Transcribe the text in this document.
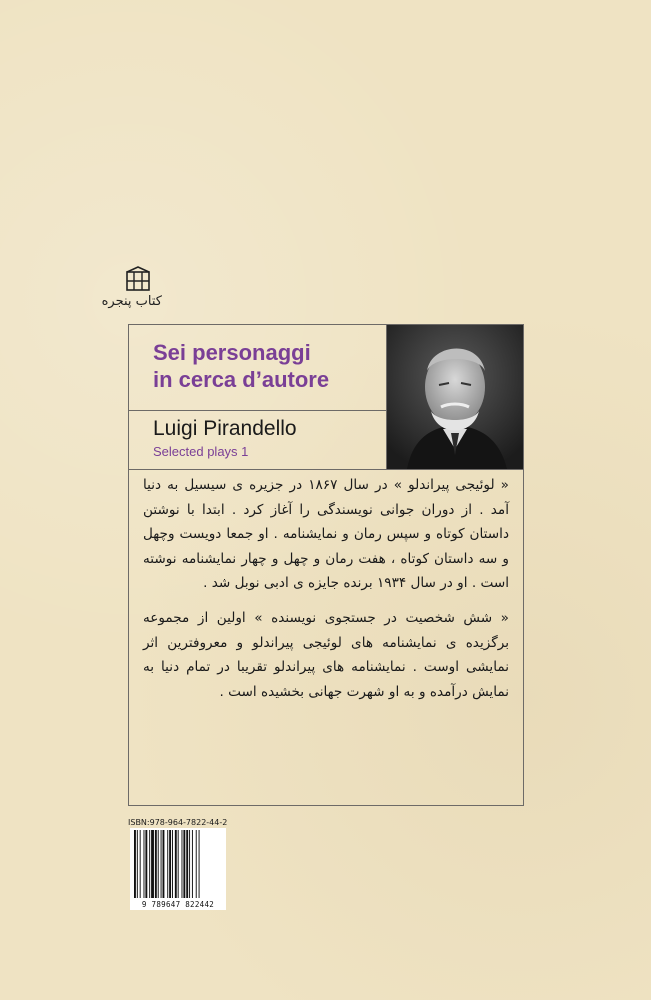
کتاب پنجره
Sei personaggi
in cerca d’autore
Luigi Pirandello
Selected plays 1

« لوئیجی پیراندلو » در سال ۱۸۶۷ در جزیره ی سیسیل به دنیا آمد . از دوران جوانی نویسندگی را آغاز کرد . ابتدا با نوشتن داستان کوتاه و سپس رمان و نمایشنامه . او جمعا دویست وچهل و سه داستان کوتاه ، هفت رمان و چهل و چهار نمایشنامه نوشته است . او در سال ۱۹۳۴ برنده جایزه ی ادبی نوبل شد .

« شش شخصیت در جستجوی نویسنده » اولین از مجموعه برگزیده ی نمایشنامه های لوئیجی پیراندلو و معروفترین اثر نمایشی اوست . نمایشنامه های پیراندلو تقریبا در تمام دنیا به نمایش درآمده و به او شهرت جهانی بخشیده است .

ISBN:978-964-7822-44-2
9 789647 822442
